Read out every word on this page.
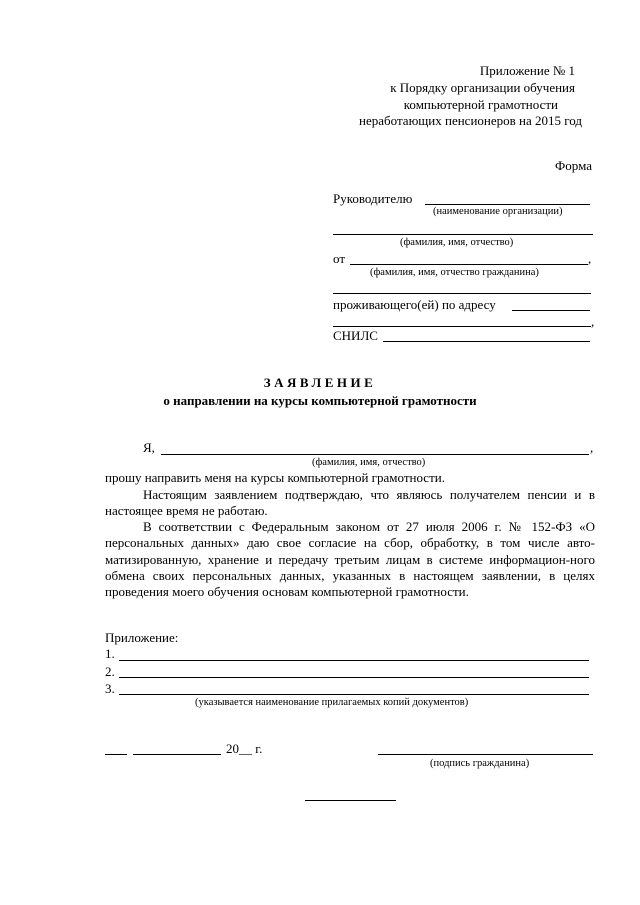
Приложение № 1
к Порядку организации обучения
компьютерной грамотности
неработающих пенсионеров на 2015 год
Форма
Руководителю
(наименование организации)
(фамилия, имя, отчество)
от	,
(фамилия, имя, отчество гражданина)
проживающего(ей) по адресу
,
СНИЛС
ЗАЯВЛЕНИЕ
о направлении на курсы компьютерной грамотности
Я,	,
(фамилия, имя, отчество)
прошу направить меня на курсы компьютерной грамотности.
Настоящим заявлением подтверждаю, что являюсь получателем пенсии и в настоящее время не работаю.
В соответствии с Федеральным законом от 27 июля 2006 г. № 152-ФЗ «О персональных данных» даю свое согласие на сбор, обработку, в том числе авто-матизированную, хранение и передачу третьим лицам в системе информацион-ного обмена своих персональных данных, указанных в настоящем заявлении, в целях проведения моего обучения основам компьютерной грамотности.
Приложение:
1.
2.
3.
(указывается наименование прилагаемых копий документов)
20__ г.
(подпись гражданина)
